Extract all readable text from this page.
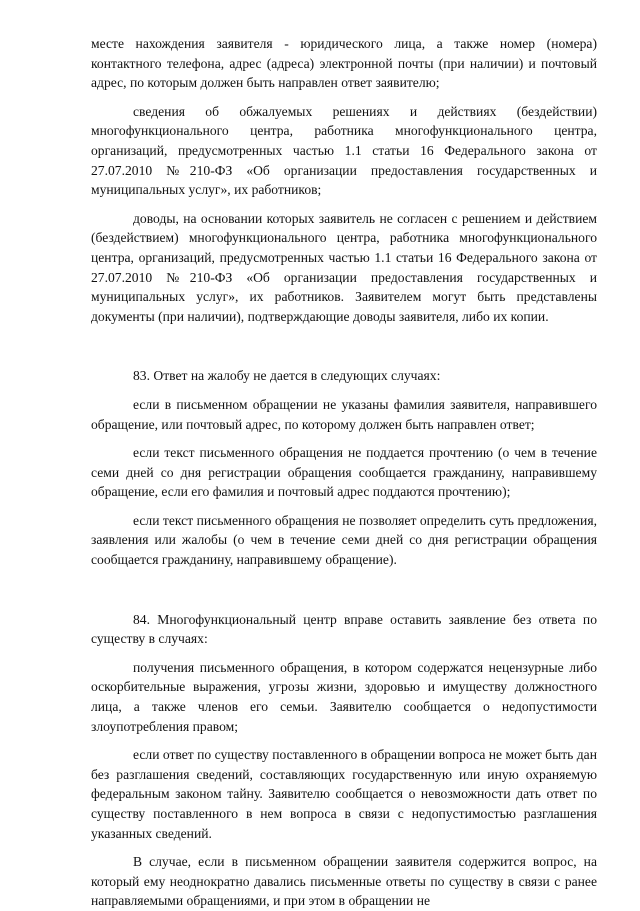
месте нахождения заявителя - юридического лица, а также номер (номера) контактного телефона, адрес (адреса) электронной почты (при наличии) и почтовый адрес, по которым должен быть направлен ответ заявителю;

сведения об обжалуемых решениях и действиях (бездействии) многофункционального центра, работника многофункционального центра, организаций, предусмотренных частью 1.1 статьи 16 Федерального закона от 27.07.2010 №210-ФЗ «Об организации предоставления государственных и муниципальных услуг», их работников;

доводы, на основании которых заявитель не согласен с решением и действием (бездействием) многофункционального центра, работника многофункционального центра, организаций, предусмотренных частью 1.1 статьи 16 Федерального закона от 27.07.2010 №210-ФЗ «Об организации предоставления государственных и муниципальных услуг», их работников. Заявителем могут быть представлены документы (при наличии), подтверждающие доводы заявителя, либо их копии.

83. Ответ на жалобу не дается в следующих случаях:

если в письменном обращении не указаны фамилия заявителя, направившего обращение, или почтовый адрес, по которому должен быть направлен ответ;

если текст письменного обращения не поддается прочтению (о чем в течение семи дней со дня регистрации обращения сообщается гражданину, направившему обращение, если его фамилия и почтовый адрес поддаются прочтению);

если текст письменного обращения не позволяет определить суть предложения, заявления или жалобы (о чем в течение семи дней со дня регистрации обращения сообщается гражданину, направившему обращение).

84. Многофункциональный центр вправе оставить заявление без ответа по существу в случаях:

получения письменного обращения, в котором содержатся нецензурные либо оскорбительные выражения, угрозы жизни, здоровью и имуществу должностного лица, а также членов его семьи. Заявителю сообщается о недопустимости злоупотребления правом;

если ответ по существу поставленного в обращении вопроса не может быть дан без разглашения сведений, составляющих государственную или иную охраняемую федеральным законом тайну. Заявителю сообщается о невозможности дать ответ по существу поставленного в нем вопроса в связи с недопустимостью разглашения указанных сведений.

В случае, если в письменном обращении заявителя содержится вопрос, на который ему неоднократно давались письменные ответы по существу в связи с ранее направляемыми обращениями, и при этом в обращении не
